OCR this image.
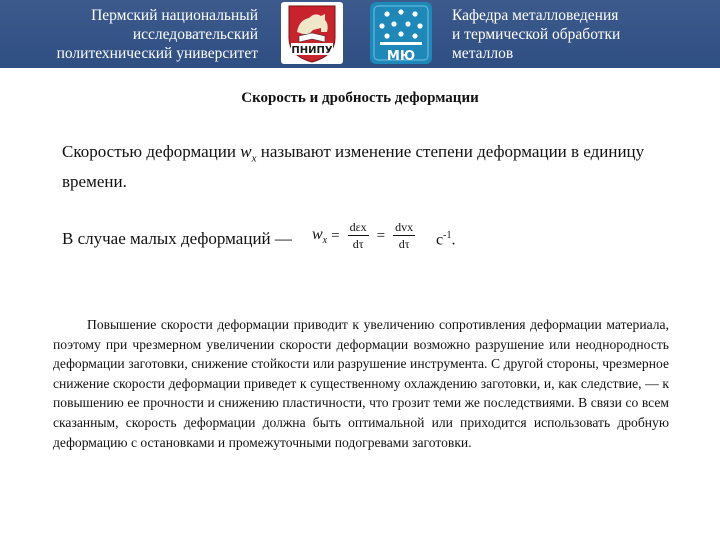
Пермский национальный
исследовательский
политехнический университет	ПНИПУ	МЮ
Кафедра металловедения
и термической обработки
металлов
Скорость и дробность деформации
Скоростью деформации $w_x$ называют изменение степени деформации в единицу времени.
В случае малых деформаций — $w_x = \frac{\text{dεx}}{d\tau} = \frac{\text{dvx}}{d\tau} с^{-1}$.
Повышение скорости деформации приводит к увеличению сопротивления деформации материала, поэтому при чрезмерном увеличении скорости деформации возможно разрушение или неоднородность деформации заготовки, снижение стойкости или разрушение инструмента. С другой стороны, чрезмерное снижение скорости деформации приведет к существенному охлаждению заготовки, и, как следствие, — к повышению ее прочности и снижению пластичности, что грозит теми же последствиями. В связи со всем сказанным, скорость деформации должна быть оптимальной или приходится использовать дробную деформацию с остановками и промежуточными подогревами заготовки.
